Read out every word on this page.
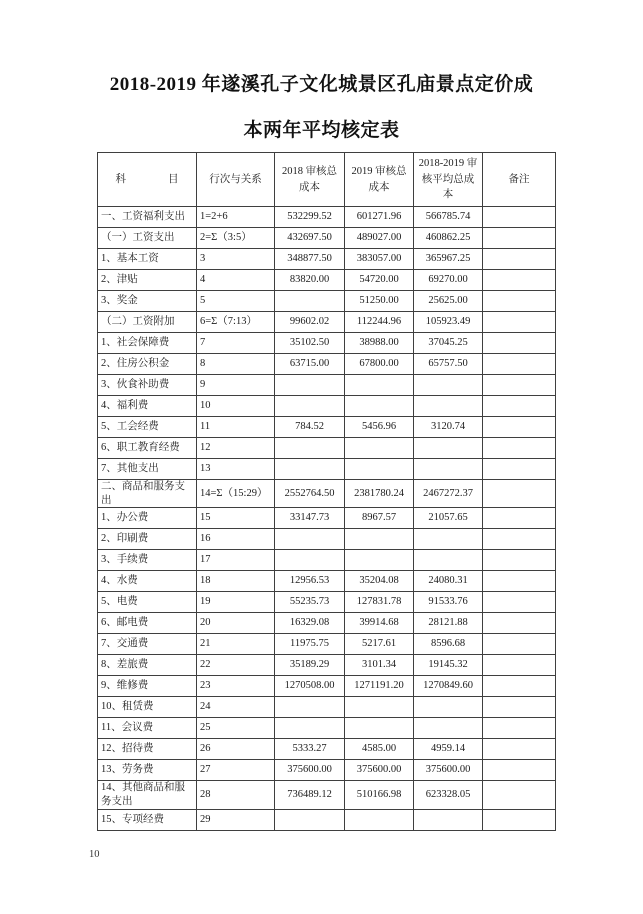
2018-2019 年遂溪孔子文化城景区孔庙景点定价成
本两年平均核定表
科　　　　目	行次与关系	2018 审核总成本	2019 审核总成本	2018-2019 审核平均总成本	备注
一、工资福利支出	1=2+6	532299.52	601271.96	566785.74	
（一）工资支出	2=Σ（3:5）	432697.50	489027.00	460862.25	
1、基本工资	3	348877.50	383057.00	365967.25	
2、津贴	4	83820.00	54720.00	69270.00	
3、奖金	5		51250.00	25625.00	
（二）工资附加	6=Σ（7:13）	99602.02	112244.96	105923.49	
1、社会保障费	7	35102.50	38988.00	37045.25	
2、住房公积金	8	63715.00	67800.00	65757.50	
3、伙食补助费	9				
4、福利费	10				
5、工会经费	11	784.52	5456.96	3120.74	
6、职工教育经费	12				
7、其他支出	13				
二、商品和服务支出	14=Σ（15:29）	2552764.50	2381780.24	2467272.37	
1、办公费	15	33147.73	8967.57	21057.65	
2、印刷费	16				
3、手续费	17				
4、水费	18	12956.53	35204.08	24080.31	
5、电费	19	55235.73	127831.78	91533.76	
6、邮电费	20	16329.08	39914.68	28121.88	
7、交通费	21	11975.75	5217.61	8596.68	
8、差旅费	22	35189.29	3101.34	19145.32	
9、维修费	23	1270508.00	1271191.20	1270849.60	
10、租赁费	24				
11、会议费	25				
12、招待费	26	5333.27	4585.00	4959.14	
13、劳务费	27	375600.00	375600.00	375600.00	
14、其他商品和服务支出	28	736489.12	510166.98	623328.05	
15、专项经费	29				
10
